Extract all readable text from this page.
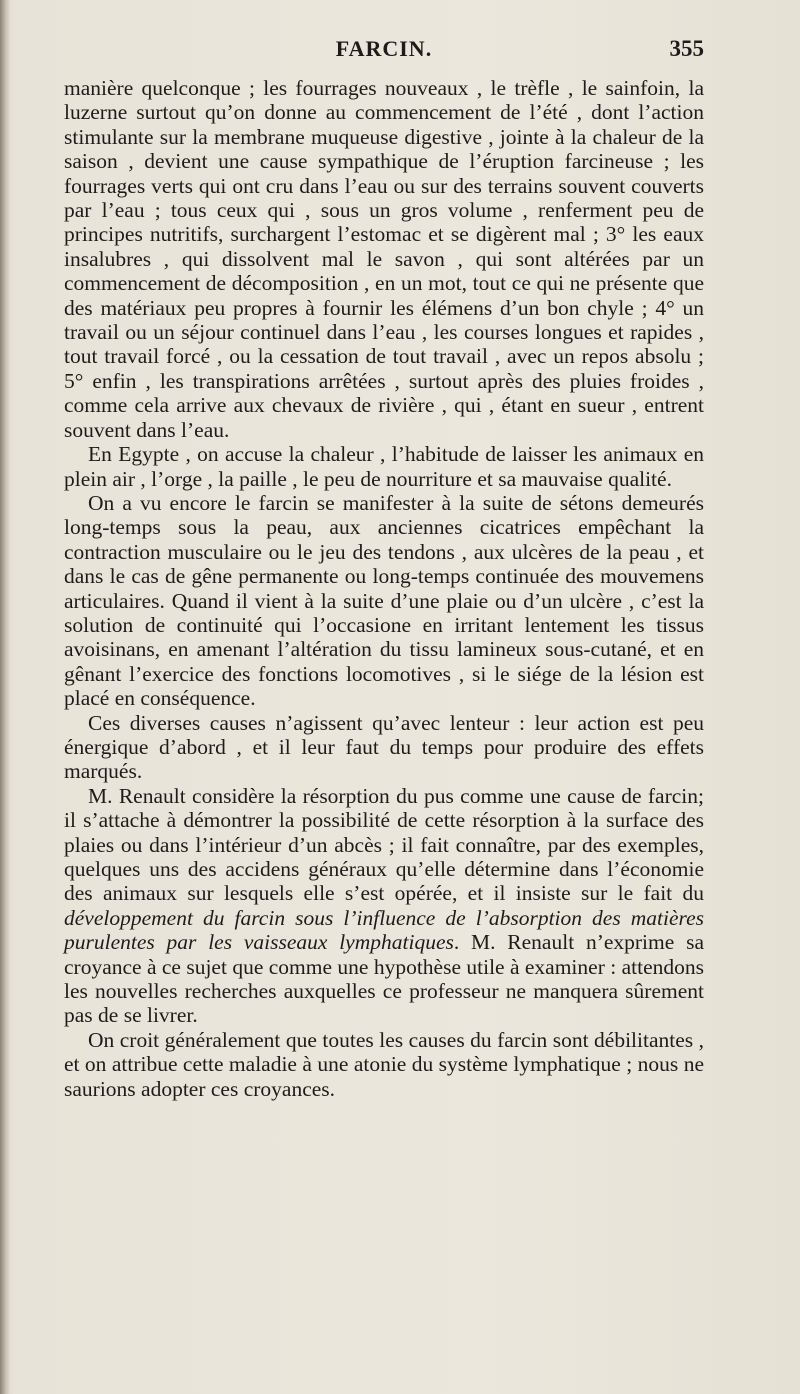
FARCIN.	355

manière quelconque ; les fourrages nouveaux , le trèfle , le sainfoin, la luzerne surtout qu’on donne au commencement de l’été , dont l’action stimulante sur la membrane muqueuse digestive , jointe à la chaleur de la saison , devient une cause sympathique de l’éruption farcineuse ; les fourrages verts qui ont cru dans l’eau ou sur des terrains souvent couverts par l’eau ; tous ceux qui , sous un gros volume , renferment peu de principes nutritifs, surchargent l’estomac et se digèrent mal ; 3° les eaux insalubres , qui dissolvent mal le savon , qui sont altérées par un commencement de décomposition , en un mot, tout ce qui ne présente que des matériaux peu propres à fournir les élémens d’un bon chyle ; 4° un travail ou un séjour continuel dans l’eau , les courses longues et rapides , tout travail forcé , ou la cessation de tout travail , avec un repos absolu ; 5° enfin , les transpirations arrêtées , surtout après des pluies froides , comme cela arrive aux chevaux de rivière , qui , étant en sueur , entrent souvent dans l’eau.

En Egypte , on accuse la chaleur , l’habitude de laisser les animaux en plein air , l’orge , la paille , le peu de nourriture et sa mauvaise qualité.

On a vu encore le farcin se manifester à la suite de sétons demeurés long-temps sous la peau, aux anciennes cicatrices empêchant la contraction musculaire ou le jeu des tendons , aux ulcères de la peau , et dans le cas de gêne permanente ou long-temps continuée des mouvemens articulaires. Quand il vient à la suite d’une plaie ou d’un ulcère , c’est la solution de continuité qui l’occasione en irritant lentement les tissus avoisinans, en amenant l’altération du tissu lamineux sous-cutané, et en gênant l’exercice des fonctions locomotives , si le siége de la lésion est placé en conséquence.

Ces diverses causes n’agissent qu’avec lenteur : leur action est peu énergique d’abord , et il leur faut du temps pour produire des effets marqués.

M. Renault considère la résorption du pus comme une cause de farcin; il s’attache à démontrer la possibilité de cette résorption à la surface des plaies ou dans l’intérieur d’un abcès ; il fait connaître, par des exemples, quelques uns des accidens généraux qu’elle détermine dans l’économie des animaux sur lesquels elle s’est opérée, et il insiste sur le fait du développement du farcin sous l’influence de l’absorption des matières purulentes par les vaisseaux lymphatiques. M. Renault n’exprime sa croyance à ce sujet que comme une hypothèse utile à examiner : attendons les nouvelles recherches auxquelles ce professeur ne manquera sûrement pas de se livrer.

On croit généralement que toutes les causes du farcin sont débilitantes , et on attribue cette maladie à une atonie du système lymphatique ; nous ne saurions adopter ces croyances.
